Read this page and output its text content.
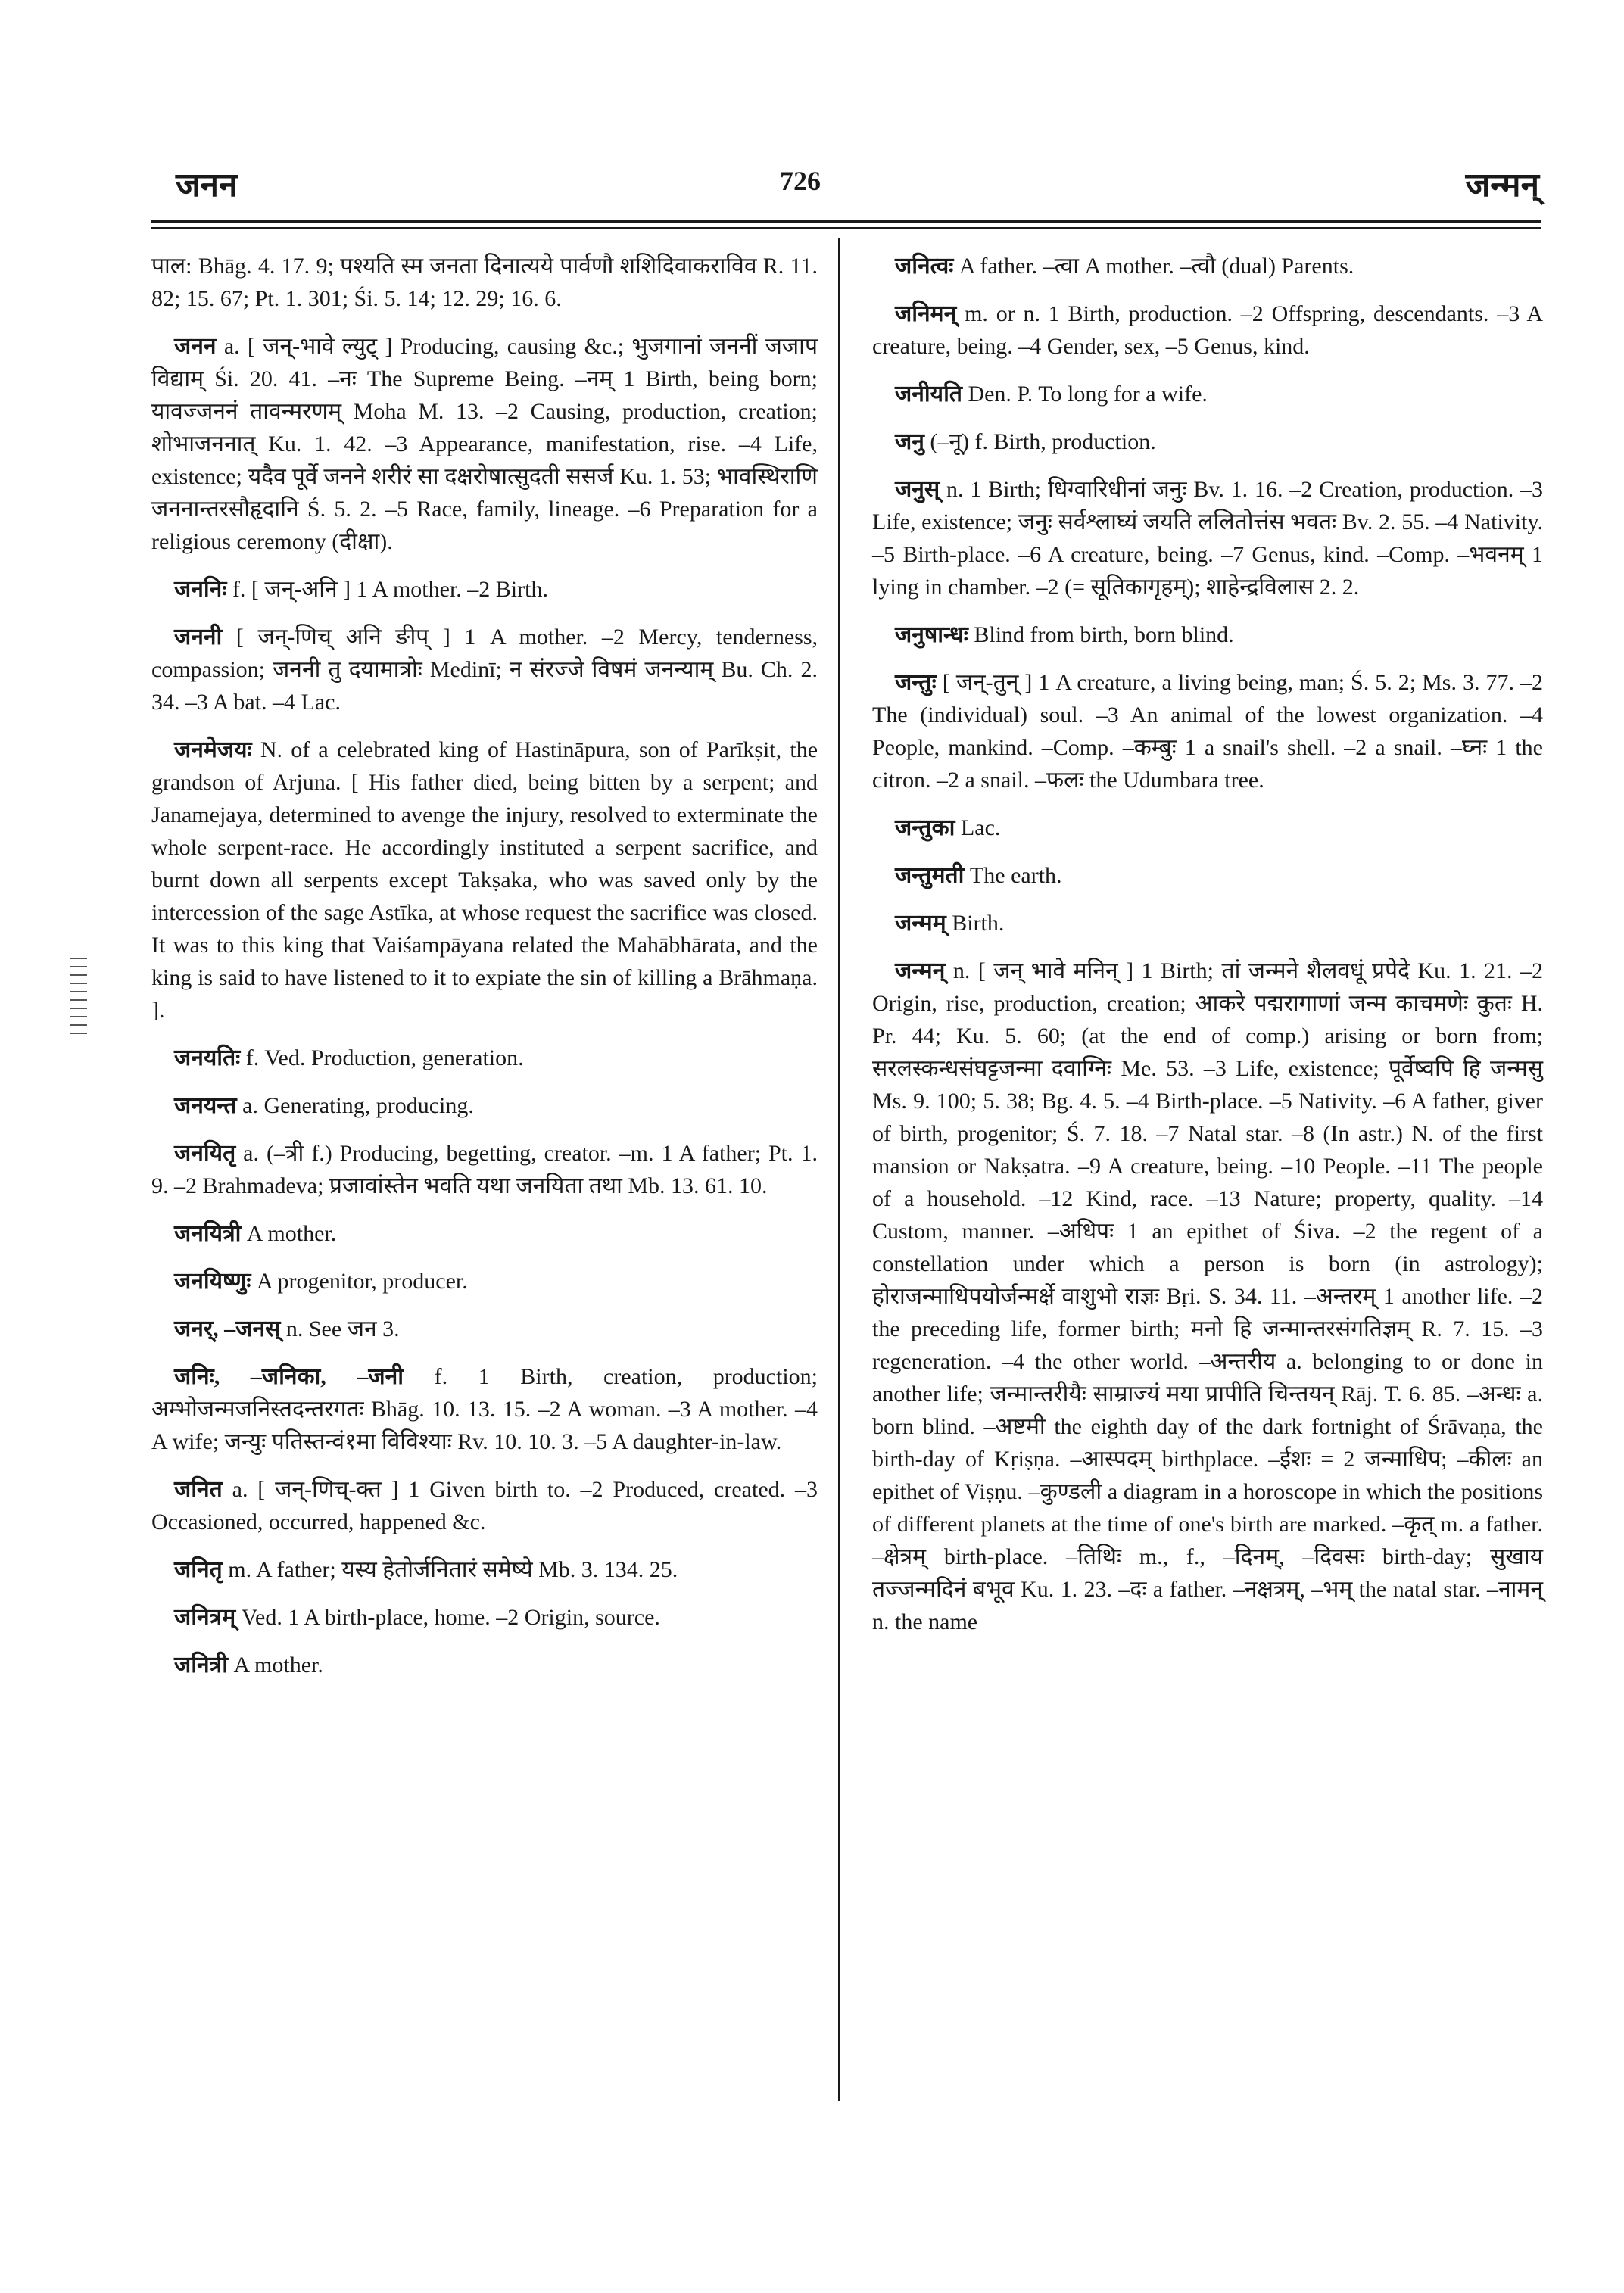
जनन	726	जन्मन्

पाल: Bhāg. 4. 17. 9; पश्यति स्म जनता दिनात्यये पार्वणौ शशिदिवाकराविव R. 11. 82; 15. 67; Pt. 1. 301; Śi. 5. 14; 12. 29; 16. 6.

जनन a. [ जन्-भावे ल्युट् ] Producing, causing &c.; भुजगानां जननीं जजाप विद्याम् Śi. 20. 41. –नः The Supreme Being. –नम् 1 Birth, being born; यावज्जननं तावन्मरणम् Moha M. 13. –2 Causing, production, creation; शोभाजननात् Ku. 1. 42. –3 Appearance, manifestation, rise. –4 Life, existence; यदैव पूर्वे जनने शरीरं सा दक्षरोषात्सुदती ससर्ज Ku. 1. 53; भावस्थिराणि जननान्तरसौहृदानि Ś. 5. 2. –5 Race, family, lineage. –6 Preparation for a religious ceremony (दीक्षा).

जननिः f. [ जन्-अनि ] 1 A mother. –2 Birth.

जननी [ जन्-णिच् अनि ङीप् ] 1 A mother. –2 Mercy, tenderness, compassion; जननी तु दयामात्रोः Medinī; न संरज्जे विषमं जनन्याम् Bu. Ch. 2. 34. –3 A bat. –4 Lac.

जनमेजयः N. of a celebrated king of Hastināpura, son of Parīkṣit, the grandson of Arjuna. [ His father died, being bitten by a serpent; and Janamejaya, determined to avenge the injury, resolved to exterminate the whole serpent-race. He accordingly instituted a serpent sacrifice, and burnt down all serpents except Takṣaka, who was saved only by the intercession of the sage Astīka, at whose request the sacrifice was closed. It was to this king that Vaiśampāyana related the Mahābhārata, and the king is said to have listened to it to expiate the sin of killing a Brāhmaṇa. ].

जनयतिः f. Ved. Production, generation.

जनयन्त a. Generating, producing.

जनयितृ a. (–त्री f.) Producing, begetting, creator. –m. 1 A father; Pt. 1. 9. –2 Brahmadeva; प्रजावांस्तेन भवति यथा जनयिता तथा Mb. 13. 61. 10.

जनयित्री A mother.

जनयिष्णुः A progenitor, producer.

जनर्, –जनस् n. See जन 3.

जनिः, –जनिका, –जनी f. 1 Birth, creation, production; अम्भोजन्मजनिस्तदन्तरगतः Bhāg. 10. 13. 15. –2 A woman. –3 A mother. –4 A wife; जन्युः पतिस्तन्वं१मा विविश्याः Rv. 10. 10. 3. –5 A daughter-in-law.

जनित a. [ जन्-णिच्-क्त ] 1 Given birth to. –2 Produced, created. –3 Occasioned, occurred, happened &c.

जनितृ m. A father; यस्य हेतोर्जनितारं समेष्ये Mb. 3. 134. 25.

जनित्रम् Ved. 1 A birth-place, home. –2 Origin, source.

जनित्री A mother.

जनित्वः A father. –त्वा A mother. –त्वौ (dual) Parents.

जनिमन् m. or n. 1 Birth, production. –2 Offspring, descendants. –3 A creature, being. –4 Gender, sex, –5 Genus, kind.

जनीयति Den. P. To long for a wife.

जनु (–नू) f. Birth, production.

जनुस् n. 1 Birth; धिग्वारिधीनां जनुः Bv. 1. 16. –2 Creation, production. –3 Life, existence; जनुः सर्वश्लाघ्यं जयति ललितोत्तंस भवतः Bv. 2. 55. –4 Nativity. –5 Birth-place. –6 A creature, being. –7 Genus, kind. –Comp. –भवनम् 1 lying in chamber. –2 (= सूतिकागृहम्); शाहेन्द्रविलास 2. 2.

जनुषान्धः Blind from birth, born blind.

जन्तुः [ जन्-तुन् ] 1 A creature, a living being, man; Ś. 5. 2; Ms. 3. 77. –2 The (individual) soul. –3 An animal of the lowest organization. –4 People, mankind. –Comp. –कम्बुः 1 a snail's shell. –2 a snail. –घ्नः 1 the citron. –2 a snail. –फलः the Udumbara tree.

जन्तुका Lac.

जन्तुमती The earth.

जन्मम् Birth.

जन्मन् n. [ जन् भावे मनिन् ] 1 Birth; तां जन्मने शैलवधूं प्रपेदे Ku. 1. 21. –2 Origin, rise, production, creation; आकरे पद्मरागाणां जन्म काचमणेः कुतः H. Pr. 44; Ku. 5. 60; (at the end of comp.) arising or born from; सरलस्कन्धसंघट्टजन्मा दवाग्निः Me. 53. –3 Life, existence; पूर्वेष्वपि हि जन्मसु Ms. 9. 100; 5. 38; Bg. 4. 5. –4 Birth-place. –5 Nativity. –6 A father, giver of birth, progenitor; Ś. 7. 18. –7 Natal star. –8 (In astr.) N. of the first mansion or Nakṣatra. –9 A creature, being. –10 People. –11 The people of a household. –12 Kind, race. –13 Nature; property, quality. –14 Custom, manner. –अधिपः 1 an epithet of Śiva. –2 the regent of a constellation under which a person is born (in astrology); होराजन्माधिपयोर्जन्मर्क्षे वाशुभो राज्ञः Bṛi. S. 34. 11. –अन्तरम् 1 another life. –2 the preceding life, former birth; मनो हि जन्मान्तरसंगतिज्ञम् R. 7. 15. –3 regeneration. –4 the other world. –अन्तरीय a. belonging to or done in another life; जन्मान्तरीयैः साम्राज्यं मया प्रापीति चिन्तयन् Rāj. T. 6. 85. –अन्धः a. born blind. –अष्टमी the eighth day of the dark fortnight of Śrāvaṇa, the birth-day of Kṛiṣṇa. –आस्पदम् birthplace. –ईशः = 2 जन्माधिप; –कीलः an epithet of Viṣṇu. –कुण्डली a diagram in a horoscope in which the positions of different planets at the time of one's birth are marked. –कृत् m. a father. –क्षेत्रम् birth-place. –तिथिः m., f., –दिनम्, –दिवसः birth-day; सुखाय तज्जन्मदिनं बभूव Ku. 1. 23. –दः a father. –नक्षत्रम्, –भम् the natal star. –नामन् n. the name
